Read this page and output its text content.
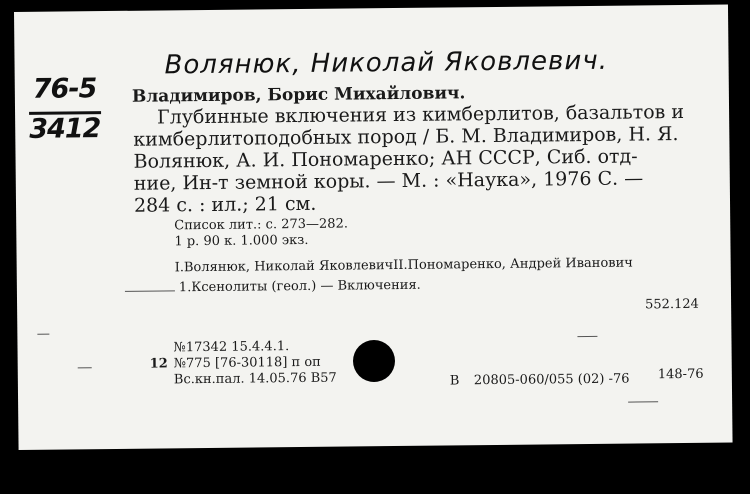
76-5
3412
Волянюк, Николай Яковлевич.
Владимиров, Борис Михайлович.
Глубинные включения из кимберлитов, базальтов и
кимберлитоподобных пород / Б. М. Владимиров, Н. Я.
Волянюк, А. И. Пономаренко; АН СССР, Сиб. отд-
ние, Ин-т земной коры. — М. : «Наука», 1976 С. —
284 с. : ил.; 21 см.
Список лит.: с. 273—282.
1 р. 90 к. 1.000 экз.
I.Волянюк, Николай ЯковлевичII.Пономаренко, Андрей Иванович
1.Ксенолиты (геол.) — Включения.
552.124
№17342 15.4.4.1.
12 №775 [76-30118] п оп
Вс.кн.пал. 14.05.76 В57	В 20805-060/055 (02) -76 148-76
